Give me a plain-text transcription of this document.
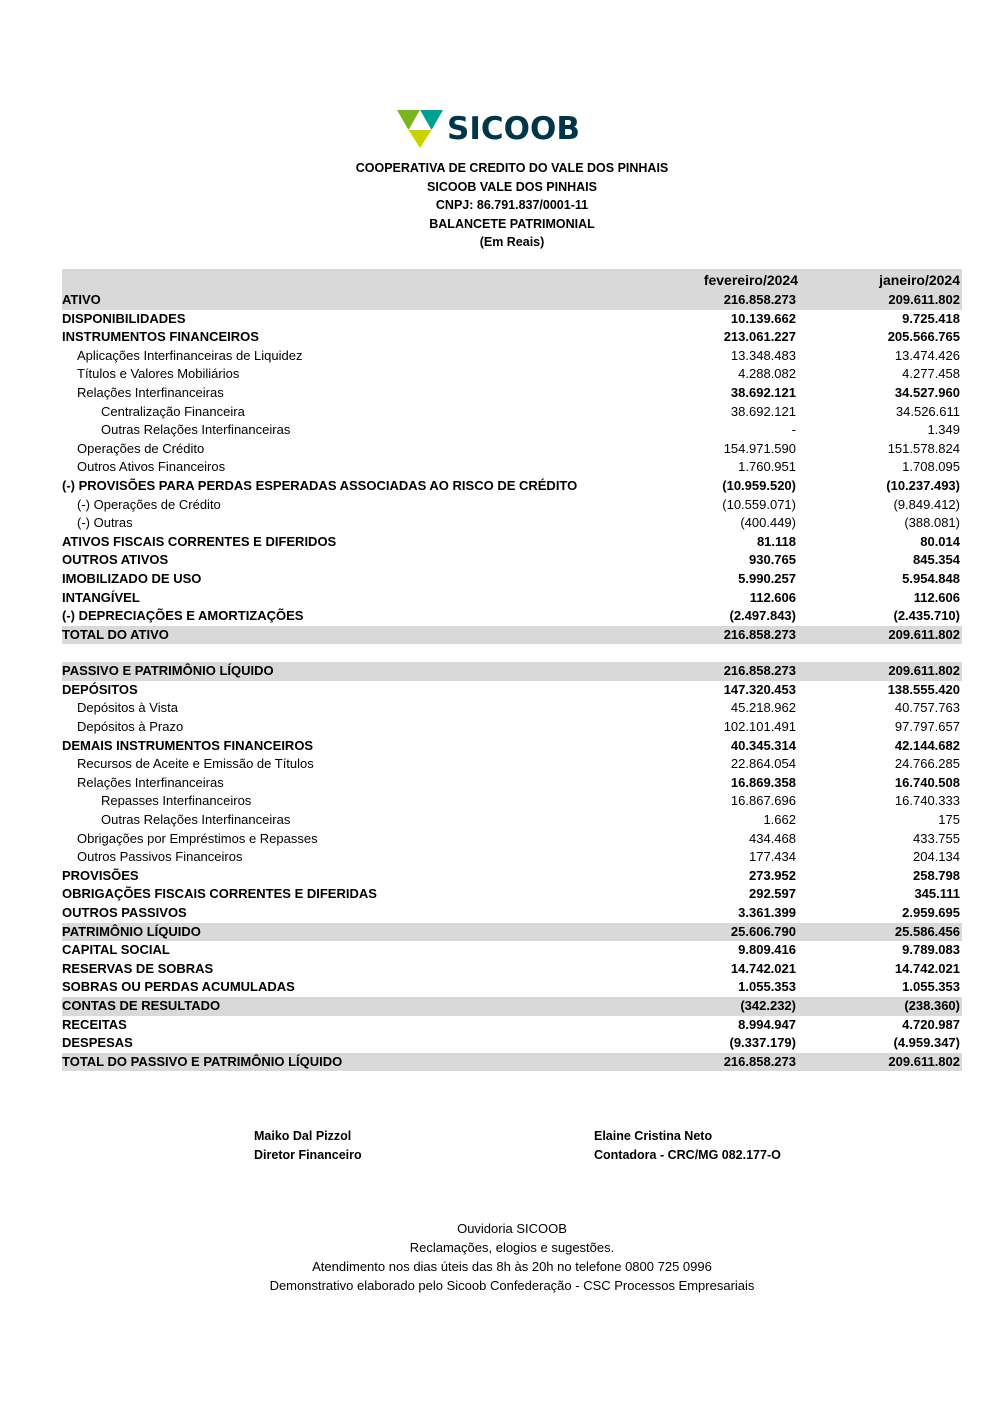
SICOOB
COOPERATIVA DE CREDITO DO VALE DOS PINHAIS
SICOOB VALE DOS PINHAIS
CNPJ: 86.791.837/0001-11
BALANCETE PATRIMONIAL
(Em Reais)
	fevereiro/2024	janeiro/2024
ATIVO	216.858.273	209.611.802
DISPONIBILIDADES	10.139.662	9.725.418
INSTRUMENTOS FINANCEIROS	213.061.227	205.566.765
Aplicações Interfinanceiras de Liquidez	13.348.483	13.474.426
Títulos e Valores Mobiliários	4.288.082	4.277.458
Relações Interfinanceiras	38.692.121	34.527.960
Centralização Financeira	38.692.121	34.526.611
Outras Relações Interfinanceiras	-	1.349
Operações de Crédito	154.971.590	151.578.824
Outros Ativos Financeiros	1.760.951	1.708.095
(-) PROVISÕES PARA PERDAS ESPERADAS ASSOCIADAS AO RISCO DE CRÉDITO	(10.959.520)	(10.237.493)
(-) Operações de Crédito	(10.559.071)	(9.849.412)
(-) Outras	(400.449)	(388.081)
ATIVOS FISCAIS CORRENTES E DIFERIDOS	81.118	80.014
OUTROS ATIVOS	930.765	845.354
IMOBILIZADO DE USO	5.990.257	5.954.848
INTANGÍVEL	112.606	112.606
(-) DEPRECIAÇÕES E AMORTIZAÇÕES	(2.497.843)	(2.435.710)
TOTAL DO ATIVO	216.858.273	209.611.802

PASSIVO E PATRIMÔNIO LÍQUIDO	216.858.273	209.611.802
DEPÓSITOS	147.320.453	138.555.420
Depósitos à Vista	45.218.962	40.757.763
Depósitos à Prazo	102.101.491	97.797.657
DEMAIS INSTRUMENTOS FINANCEIROS	40.345.314	42.144.682
Recursos de Aceite e Emissão de Títulos	22.864.054	24.766.285
Relações Interfinanceiras	16.869.358	16.740.508
Repasses Interfinanceiros	16.867.696	16.740.333
Outras Relações Interfinanceiras	1.662	175
Obrigações por Empréstimos e Repasses	434.468	433.755
Outros Passivos Financeiros	177.434	204.134
PROVISÕES	273.952	258.798
OBRIGAÇÕES FISCAIS CORRENTES E DIFERIDAS	292.597	345.111
OUTROS PASSIVOS	3.361.399	2.959.695
PATRIMÔNIO LÍQUIDO	25.606.790	25.586.456
CAPITAL SOCIAL	9.809.416	9.789.083
RESERVAS DE SOBRAS	14.742.021	14.742.021
SOBRAS OU PERDAS ACUMULADAS	1.055.353	1.055.353
CONTAS DE RESULTADO	(342.232)	(238.360)
RECEITAS	8.994.947	4.720.987
DESPESAS	(9.337.179)	(4.959.347)
TOTAL DO PASSIVO E PATRIMÔNIO LÍQUIDO	216.858.273	209.611.802
Maiko Dal Pizzol
Diretor Financeiro
Elaine Cristina Neto
Contadora - CRC/MG 082.177-O
Ouvidoria SICOOB
Reclamações, elogios e sugestões.
Atendimento nos dias úteis das 8h às 20h no telefone 0800 725 0996
Demonstrativo elaborado pelo Sicoob Confederação - CSC Processos Empresariais
